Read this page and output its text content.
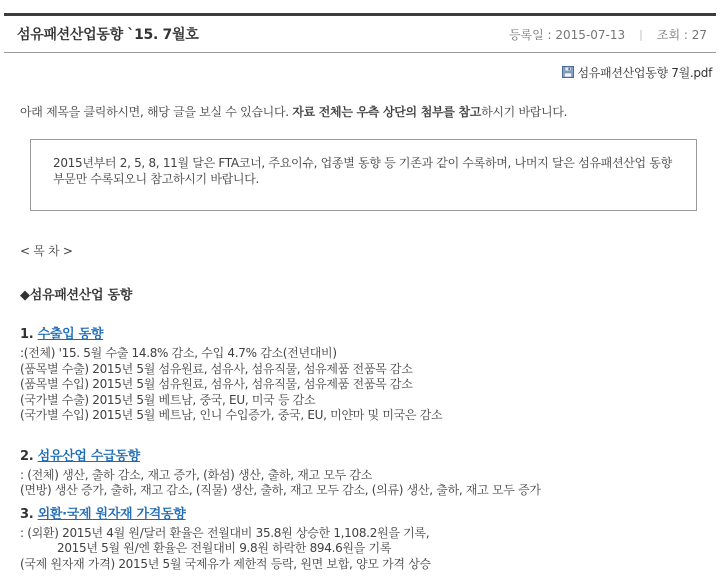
섬유패션산업동향 `15. 7월호	등록일 : 2015-07-13 | 조회 : 27
섬유패션산업동향 7월.pdf

아래 제목을 클릭하시면, 해당 글을 보실 수 있습니다. 자료 전체는 우측 상단의 첨부를 참고하시기 바랍니다.

2015년부터 2, 5, 8, 11월 달은 FTA코너, 주요이슈, 업종별 동향 등 기존과 같이 수록하며, 나머지 달은 섬유패션산업 동향부문만 수록되오니 참고하시기 바랍니다.

< 목 차 >

◆섬유패션산업 동향

1. 수출입 동향
:(전체) '15. 5월 수출 14.8% 감소, 수입 4.7% 감소(전년대비)
(품목별 수출) 2015년 5월 섬유원료, 섬유사, 섬유직물, 섬유제품 전품목 감소
(품목별 수입) 2015년 5월 섬유원료, 섬유사, 섬유직물, 섬유제품 전품목 감소
(국가별 수출) 2015년 5월 베트남, 중국, EU, 미국 등 감소
(국가별 수입) 2015년 5월 베트남, 인니 수입증가, 중국, EU, 미얀마 및 미국은 감소
2. 섬유산업 수급동향
: (전체) 생산, 출하 감소, 재고 증가, (화섬) 생산, 출하, 재고 모두 감소
(면방) 생산 증가, 출하, 재고 감소, (직물) 생산, 출하, 재고 모두 감소, (의류) 생산, 출하, 재고 모두 증가
3. 외환·국제 원자재 가격동향
: (외환) 2015년 4월 원/달러 환율은 전월대비 35.8원 상승한 1,108.2원을 기록,
2015년 5월 원/엔 환율은 전월대비 9.8원 하락한 894.6원을 기록
(국제 원자재 가격) 2015년 5월 국제유가 제한적 등락, 원면 보합, 양모 가격 상승
